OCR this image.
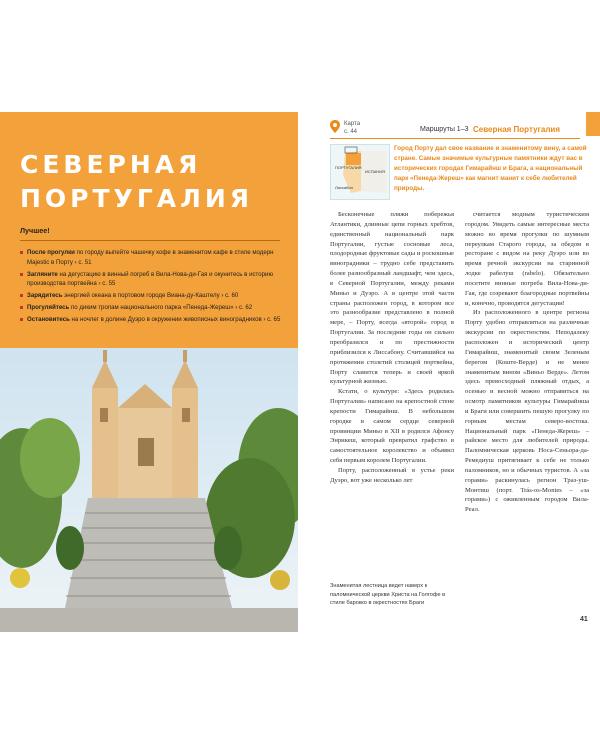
СЕВЕРНАЯ
ПОРТУГАЛИЯ
Лучшее!
После прогулки по городу выпейте чашечку кофе в знаменитом кафе в стиле модерн Majestic в Порту › с. 51
Загляните на дегустацию в винный погреб в Вила-Нова-ди-Гая и окунитесь в историю производства портвейна › с. 55
Зарядитесь энергией океана в портовом городе Виана-ду-Каштелу › с. 60
Прогуляйтесь по диким тропам национального парка «Пенеда-Жереш» › с. 62
Остановитесь на ночлег в долине Дуэро в окружении живописных виноградников › с. 65
Карта
с. 44	Маршруты 1–3 Северная Португалия
ПОРТУГАЛИЯ
ИСПАНИЯ
Лиссабон
Город Порту дал свое название и знаменитому вину, а самой стране. Самые значимые культурные памятники ждут вас в исторических городах Гимарайнш и Брага, а национальный парк «Пенеда-Жереш» как магнит манит к себе любителей природы.

Бесконечные пляжи побережья Атлантики, длинные цепи горных хребтов, единственный национальный парк Португалии, густые сосновые леса, плодородные фруктовые сады и роскошные виноградники – трудно себе представить более разнообразный ландшафт, чем здесь, в Северной Португалии, между реками Миньо и Дуэро. А в центре этой части страны расположен город, в котором все это разнообразие представлено в полной мере, – Порту, всегда «второй» город в Португалии. За последние годы он сильно преобразился и по престижности приблизился к Лиссабону. Считавшийся на протяжении столетий столицей портвейна, Порту славится теперь и своей яркой культурной жизнью.

Кстати, о культуре: «Здесь родилась Португалия» написано на крепостной стене крепости Гимарайнш. В небольшом городке в самом сердце северной провинции Миньо в XII в родился Афонсу Энрикеш, который превратил графство в самостоятельное королевство и объявил себя первым королем Португалии.

Порту, расположенный в устье реки Дуэро, вот уже несколько лет

Знаменитая лестница ведет наверх к паломнической церкви Христа на Голгофе в стиле барокко в окрестностях Браги

считается модным туристическим городом. Увидеть самые интересные места можно во время прогулки по шумным переулкам Старого города, за обедом в ресторане с видом на реку Дуэро или во время речной экскурсии на старинной лодке рабелуш (rabelo). Обязательно посетите винные погреба Вила-Нова-ди-Гая, где созревают благородные портвейны и, конечно, проводятся дегустации!

Из расположенного в центре региона Порту удобно отправляться на различные экскурсии по окрестностям. Неподалеку расположен и исторический центр Гимарайнш, знаменитый своим Зеленым берегом (Коште-Верде) и не менее знаменитым вином «Виньо Верде». Летом здесь превосходный пляжный отдых, а осенью и весной можно отправиться на осмотр памятников культуры Гимарайнша и Браги или совершить пешую прогулку по горным местам северо-востока. Национальный парк «Пенеда-Жереш» – райское место для любителей природы. Паломническая церковь Носа-Сеньора-да-Ремедиуш притягивает к себе не только паломников, но и обычных туристов. А «за горами» раскинулась регион Траз-уш-Монтиш (порт. Trás-os-Montes – «за горами») с оживленным городом Вила-Реал.

41
